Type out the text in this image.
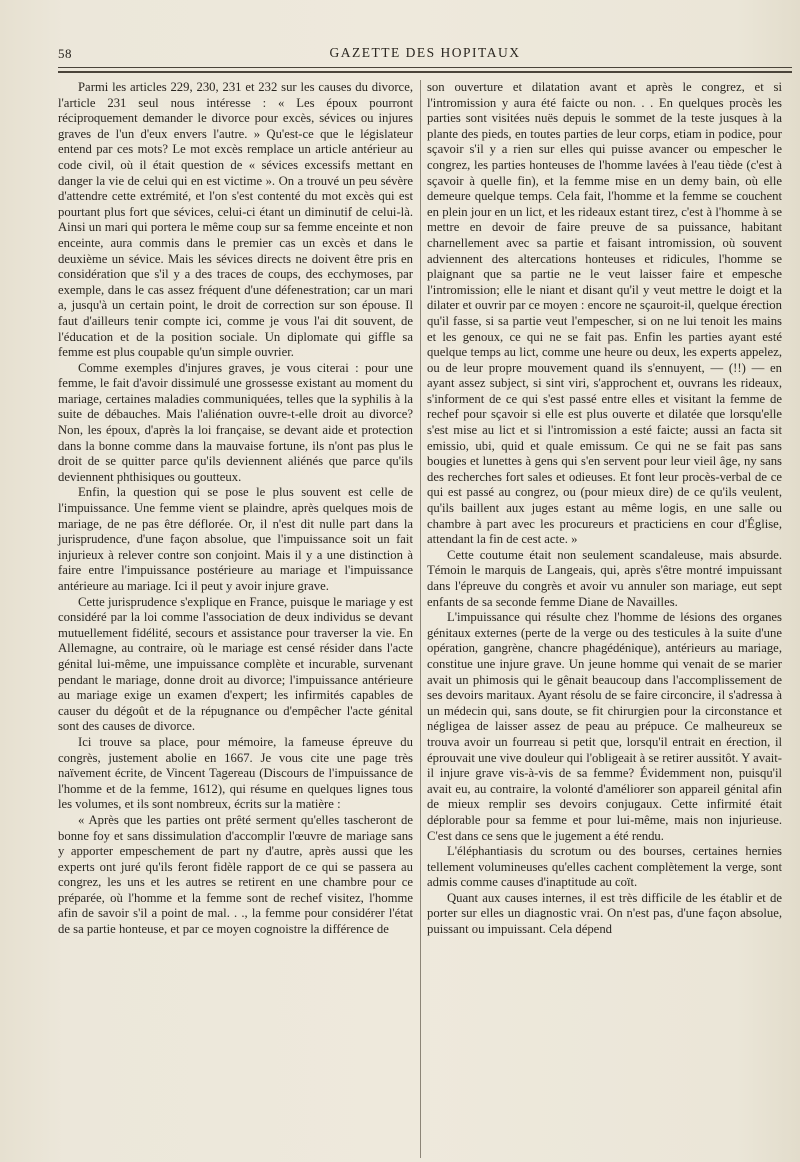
58	GAZETTE DES HOPITAUX

Parmi les articles 229, 230, 231 et 232 sur les causes du divorce, l'article 231 seul nous intéresse : « Les époux pourront réciproquement demander le divorce pour excès, sévices ou injures graves de l'un d'eux envers l'autre. » Qu'est-ce que le législateur entend par ces mots? Le mot excès remplace un article antérieur au code civil, où il était question de « sévices excessifs mettant en danger la vie de celui qui en est victime ». On a trouvé un peu sévère d'attendre cette extrémité, et l'on s'est contenté du mot excès qui est pourtant plus fort que sévices, celui-ci étant un diminutif de celui-là. Ainsi un mari qui portera le même coup sur sa femme enceinte et non enceinte, aura commis dans le premier cas un excès et dans le deuxième un sévice. Mais les sévices directs ne doivent être pris en considération que s'il y a des traces de coups, des ecchymoses, par exemple, dans le cas assez fréquent d'une défenestration; car un mari a, jusqu'à un certain point, le droit de correction sur son épouse. Il faut d'ailleurs tenir compte ici, comme je vous l'ai dit souvent, de l'éducation et de la position sociale. Un diplomate qui giffle sa femme est plus coupable qu'un simple ouvrier.

Comme exemples d'injures graves, je vous citerai : pour une femme, le fait d'avoir dissimulé une grossesse existant au moment du mariage, certaines maladies communiquées, telles que la syphilis à la suite de débauches. Mais l'aliénation ouvre-t-elle droit au divorce? Non, les époux, d'après la loi française, se devant aide et protection dans la bonne comme dans la mauvaise fortune, ils n'ont pas plus le droit de se quitter parce qu'ils deviennent aliénés que parce qu'ils deviennent phthisiques ou goutteux.

Enfin, la question qui se pose le plus souvent est celle de l'impuissance. Une femme vient se plaindre, après quelques mois de mariage, de ne pas être déflorée. Or, il n'est dit nulle part dans la jurisprudence, d'une façon absolue, que l'impuissance soit un fait injurieux à relever contre son conjoint. Mais il y a une distinction à faire entre l'impuissance postérieure au mariage et l'impuissance antérieure au mariage. Ici il peut y avoir injure grave.

Cette jurisprudence s'explique en France, puisque le mariage y est considéré par la loi comme l'association de deux individus se devant mutuellement fidélité, secours et assistance pour traverser la vie. En Allemagne, au contraire, où le mariage est censé résider dans l'acte génital lui-même, une impuissance complète et incurable, survenant pendant le mariage, donne droit au divorce; l'impuissance antérieure au mariage exige un examen d'expert; les infirmités capables de causer du dégoût et de la répugnance ou d'empêcher l'acte génital sont des causes de divorce.

Ici trouve sa place, pour mémoire, la fameuse épreuve du congrès, justement abolie en 1667. Je vous cite une page très naïvement écrite, de Vincent Tagereau (Discours de l'impuissance de l'homme et de la femme, 1612), qui résume en quelques lignes tous les volumes, et ils sont nombreux, écrits sur la matière :

« Après que les parties ont prêté serment qu'elles tascheront de bonne foy et sans dissimulation d'accomplir l'œuvre de mariage sans y apporter empeschement de part ny d'autre, après aussi que les experts ont juré qu'ils feront fidèle rapport de ce qui se passera au congrez, les uns et les autres se retirent en une chambre pour ce préparée, où l'homme et la femme sont de rechef visitez, l'homme afin de savoir s'il a point de mal. . ., la femme pour considérer l'état de sa partie honteuse, et par ce moyen cognoistre la différence de

son ouverture et dilatation avant et après le congrez, et si l'intromission y aura été faicte ou non. . . En quelques procès les parties sont visitées nuës depuis le sommet de la teste jusques à la plante des pieds, en toutes parties de leur corps, etiam in podice, pour sçavoir s'il y a rien sur elles qui puisse avancer ou empescher le congrez, les parties honteuses de l'homme lavées à l'eau tiède (c'est à sçavoir à quelle fin), et la femme mise en un demy bain, où elle demeure quelque temps. Cela fait, l'homme et la femme se couchent en plein jour en un lict, et les rideaux estant tirez, c'est à l'homme à se mettre en devoir de faire preuve de sa puissance, habitant charnellement avec sa partie et faisant intromission, où souvent adviennent des altercations honteuses et ridicules, l'homme se plaignant que sa partie ne le veut laisser faire et empesche l'intromission; elle le niant et disant qu'il y veut mettre le doigt et la dilater et ouvrir par ce moyen : encore ne sçauroit-il, quelque érection qu'il fasse, si sa partie veut l'empescher, si on ne lui tenoit les mains et les genoux, ce qui ne se fait pas. Enfin les parties ayant esté quelque temps au lict, comme une heure ou deux, les experts appelez, ou de leur propre mouvement quand ils s'ennuyent, — (!!) — en ayant assez subject, si sint viri, s'approchent et, ouvrans les rideaux, s'informent de ce qui s'est passé entre elles et visitant la femme de rechef pour sçavoir si elle est plus ouverte et dilatée que lorsqu'elle s'est mise au lict et si l'intromission a esté faicte; aussi an facta sit emissio, ubi, quid et quale emissum. Ce qui ne se fait pas sans bougies et lunettes à gens qui s'en servent pour leur vieil âge, ny sans des recherches fort sales et odieuses. Et font leur procès-verbal de ce qui est passé au congrez, ou (pour mieux dire) de ce qu'ils veulent, qu'ils baillent aux juges estant au même logis, en une salle ou chambre à part avec les procureurs et practiciens en cour d'Église, attendant la fin de cest acte. »

Cette coutume était non seulement scandaleuse, mais absurde. Témoin le marquis de Langeais, qui, après s'être montré impuissant dans l'épreuve du congrès et avoir vu annuler son mariage, eut sept enfants de sa seconde femme Diane de Navailles.

L'impuissance qui résulte chez l'homme de lésions des organes génitaux externes (perte de la verge ou des testicules à la suite d'une opération, gangrène, chancre phagédénique), antérieurs au mariage, constitue une injure grave. Un jeune homme qui venait de se marier avait un phimosis qui le gênait beaucoup dans l'accomplissement de ses devoirs maritaux. Ayant résolu de se faire circoncire, il s'adressa à un médecin qui, sans doute, se fit chirurgien pour la circonstance et négligea de laisser assez de peau au prépuce. Ce malheureux se trouva avoir un fourreau si petit que, lorsqu'il entrait en érection, il éprouvait une vive douleur qui l'obligeait à se retirer aussitôt. Y avait-il injure grave vis-à-vis de sa femme? Évidemment non, puisqu'il avait eu, au contraire, la volonté d'améliorer son appareil génital afin de mieux remplir ses devoirs conjugaux. Cette infirmité était déplorable pour sa femme et pour lui-même, mais non injurieuse. C'est dans ce sens que le jugement a été rendu.

L'éléphantiasis du scrotum ou des bourses, certaines hernies tellement volumineuses qu'elles cachent complètement la verge, sont admis comme causes d'inaptitude au coït.

Quant aux causes internes, il est très difficile de les établir et de porter sur elles un diagnostic vrai. On n'est pas, d'une façon absolue, puissant ou impuissant. Cela dépend
